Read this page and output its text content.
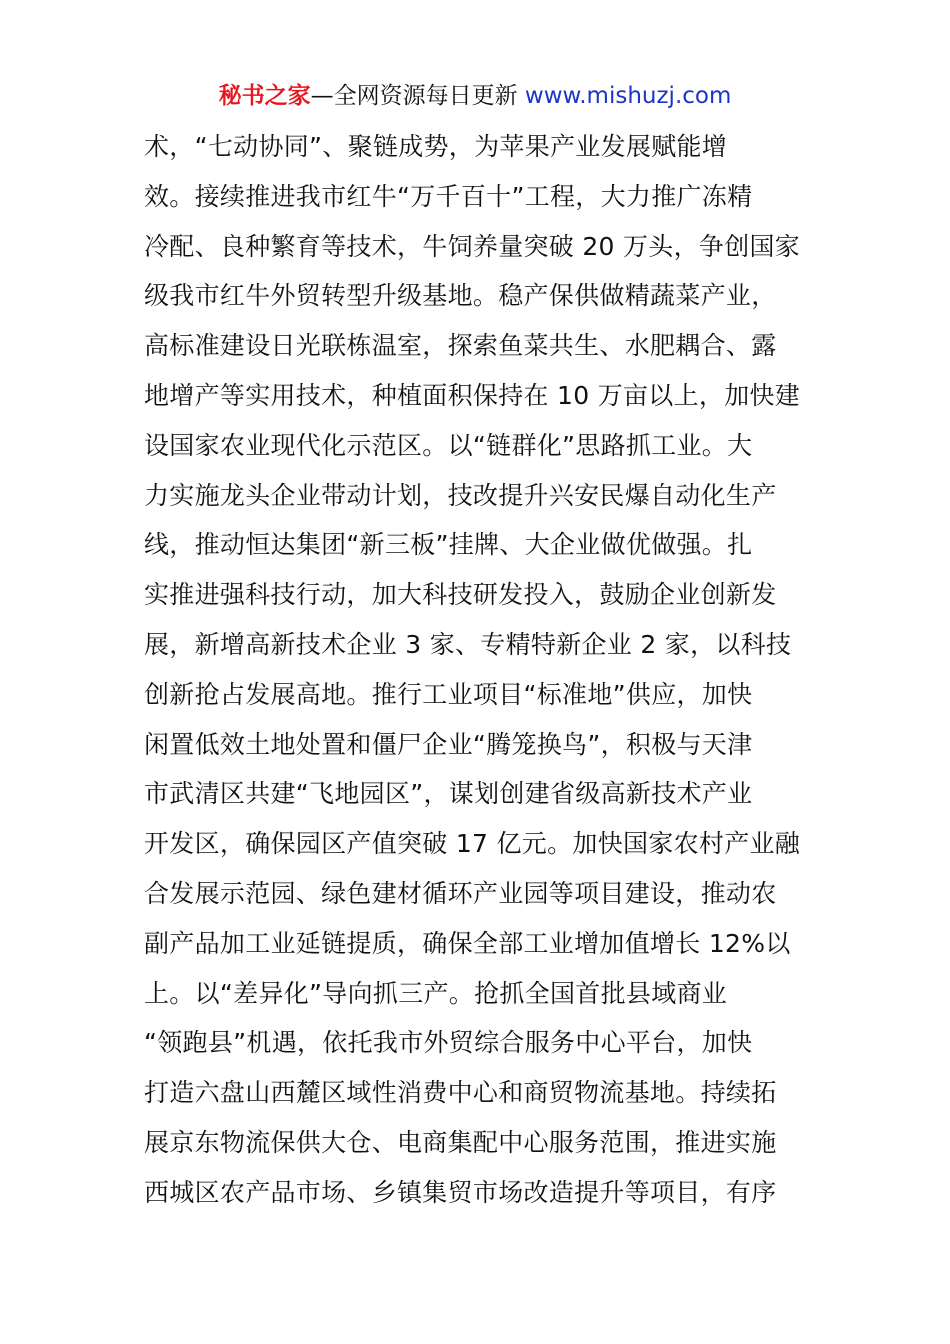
秘书之家—全网资源每日更新 www.mishuzj.com
术，“七动协同”、聚链成势，为苹果产业发展赋能增
效。接续推进我市红牛“万千百十”工程，大力推广冻精
冷配、良种繁育等技术，牛饲养量突破 20 万头，争创国家
级我市红牛外贸转型升级基地。稳产保供做精蔬菜产业，
高标准建设日光联栋温室，探索鱼菜共生、水肥耦合、露
地增产等实用技术，种植面积保持在 10 万亩以上，加快建
设国家农业现代化示范区。以“链群化”思路抓工业。大
力实施龙头企业带动计划，技改提升兴安民爆自动化生产
线，推动恒达集团“新三板”挂牌、大企业做优做强。扎
实推进强科技行动，加大科技研发投入，鼓励企业创新发
展，新增高新技术企业 3 家、专精特新企业 2 家，以科技
创新抢占发展高地。推行工业项目“标准地”供应，加快
闲置低效土地处置和僵尸企业“腾笼换鸟”，积极与天津
市武清区共建“飞地园区”，谋划创建省级高新技术产业
开发区，确保园区产值突破 17 亿元。加快国家农村产业融
合发展示范园、绿色建材循环产业园等项目建设，推动农
副产品加工业延链提质，确保全部工业增加值增长 12%以
上。以“差异化”导向抓三产。抢抓全国首批县域商业
“领跑县”机遇，依托我市外贸综合服务中心平台，加快
打造六盘山西麓区域性消费中心和商贸物流基地。持续拓
展京东物流保供大仓、电商集配中心服务范围，推进实施
西城区农产品市场、乡镇集贸市场改造提升等项目，有序
